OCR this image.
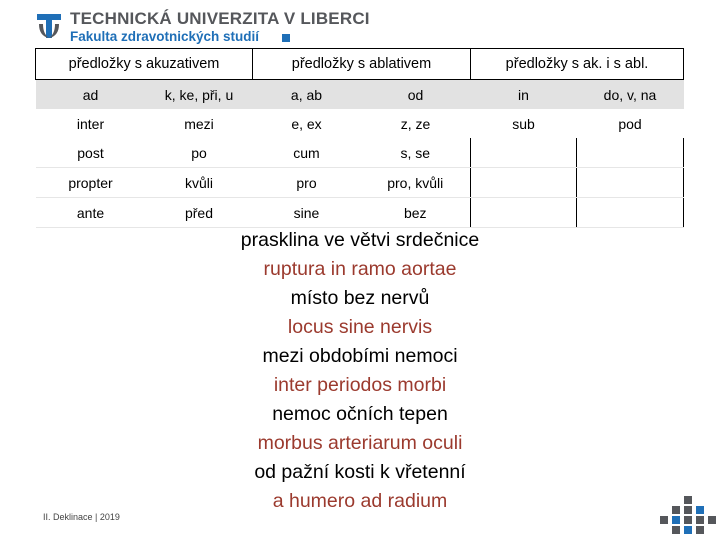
TECHNICKÁ UNIVERZITA V LIBERCI
Fakulta zdravotnických studií
předložky s akuzativem		předložky s ablativem		předložky s ak. i s abl.	
ad	k, ke, při, u	a, ab	od	in	do, v, na
inter	mezi	e, ex	z, ze	sub	pod
post	po	cum	s, se		
propter	kvůli	pro	pro, kvůli		
ante	před	sine	bez		
prasklina ve větvi srdečnice
ruptura in ramo aortae
místo bez nervů
locus sine nervis
mezi obdobími nemoci
inter periodos morbi
nemoc očních tepen
morbus arteriarum oculi
od pažní kosti k vřetenní
a humero ad radium
II. Deklinace | 2019
